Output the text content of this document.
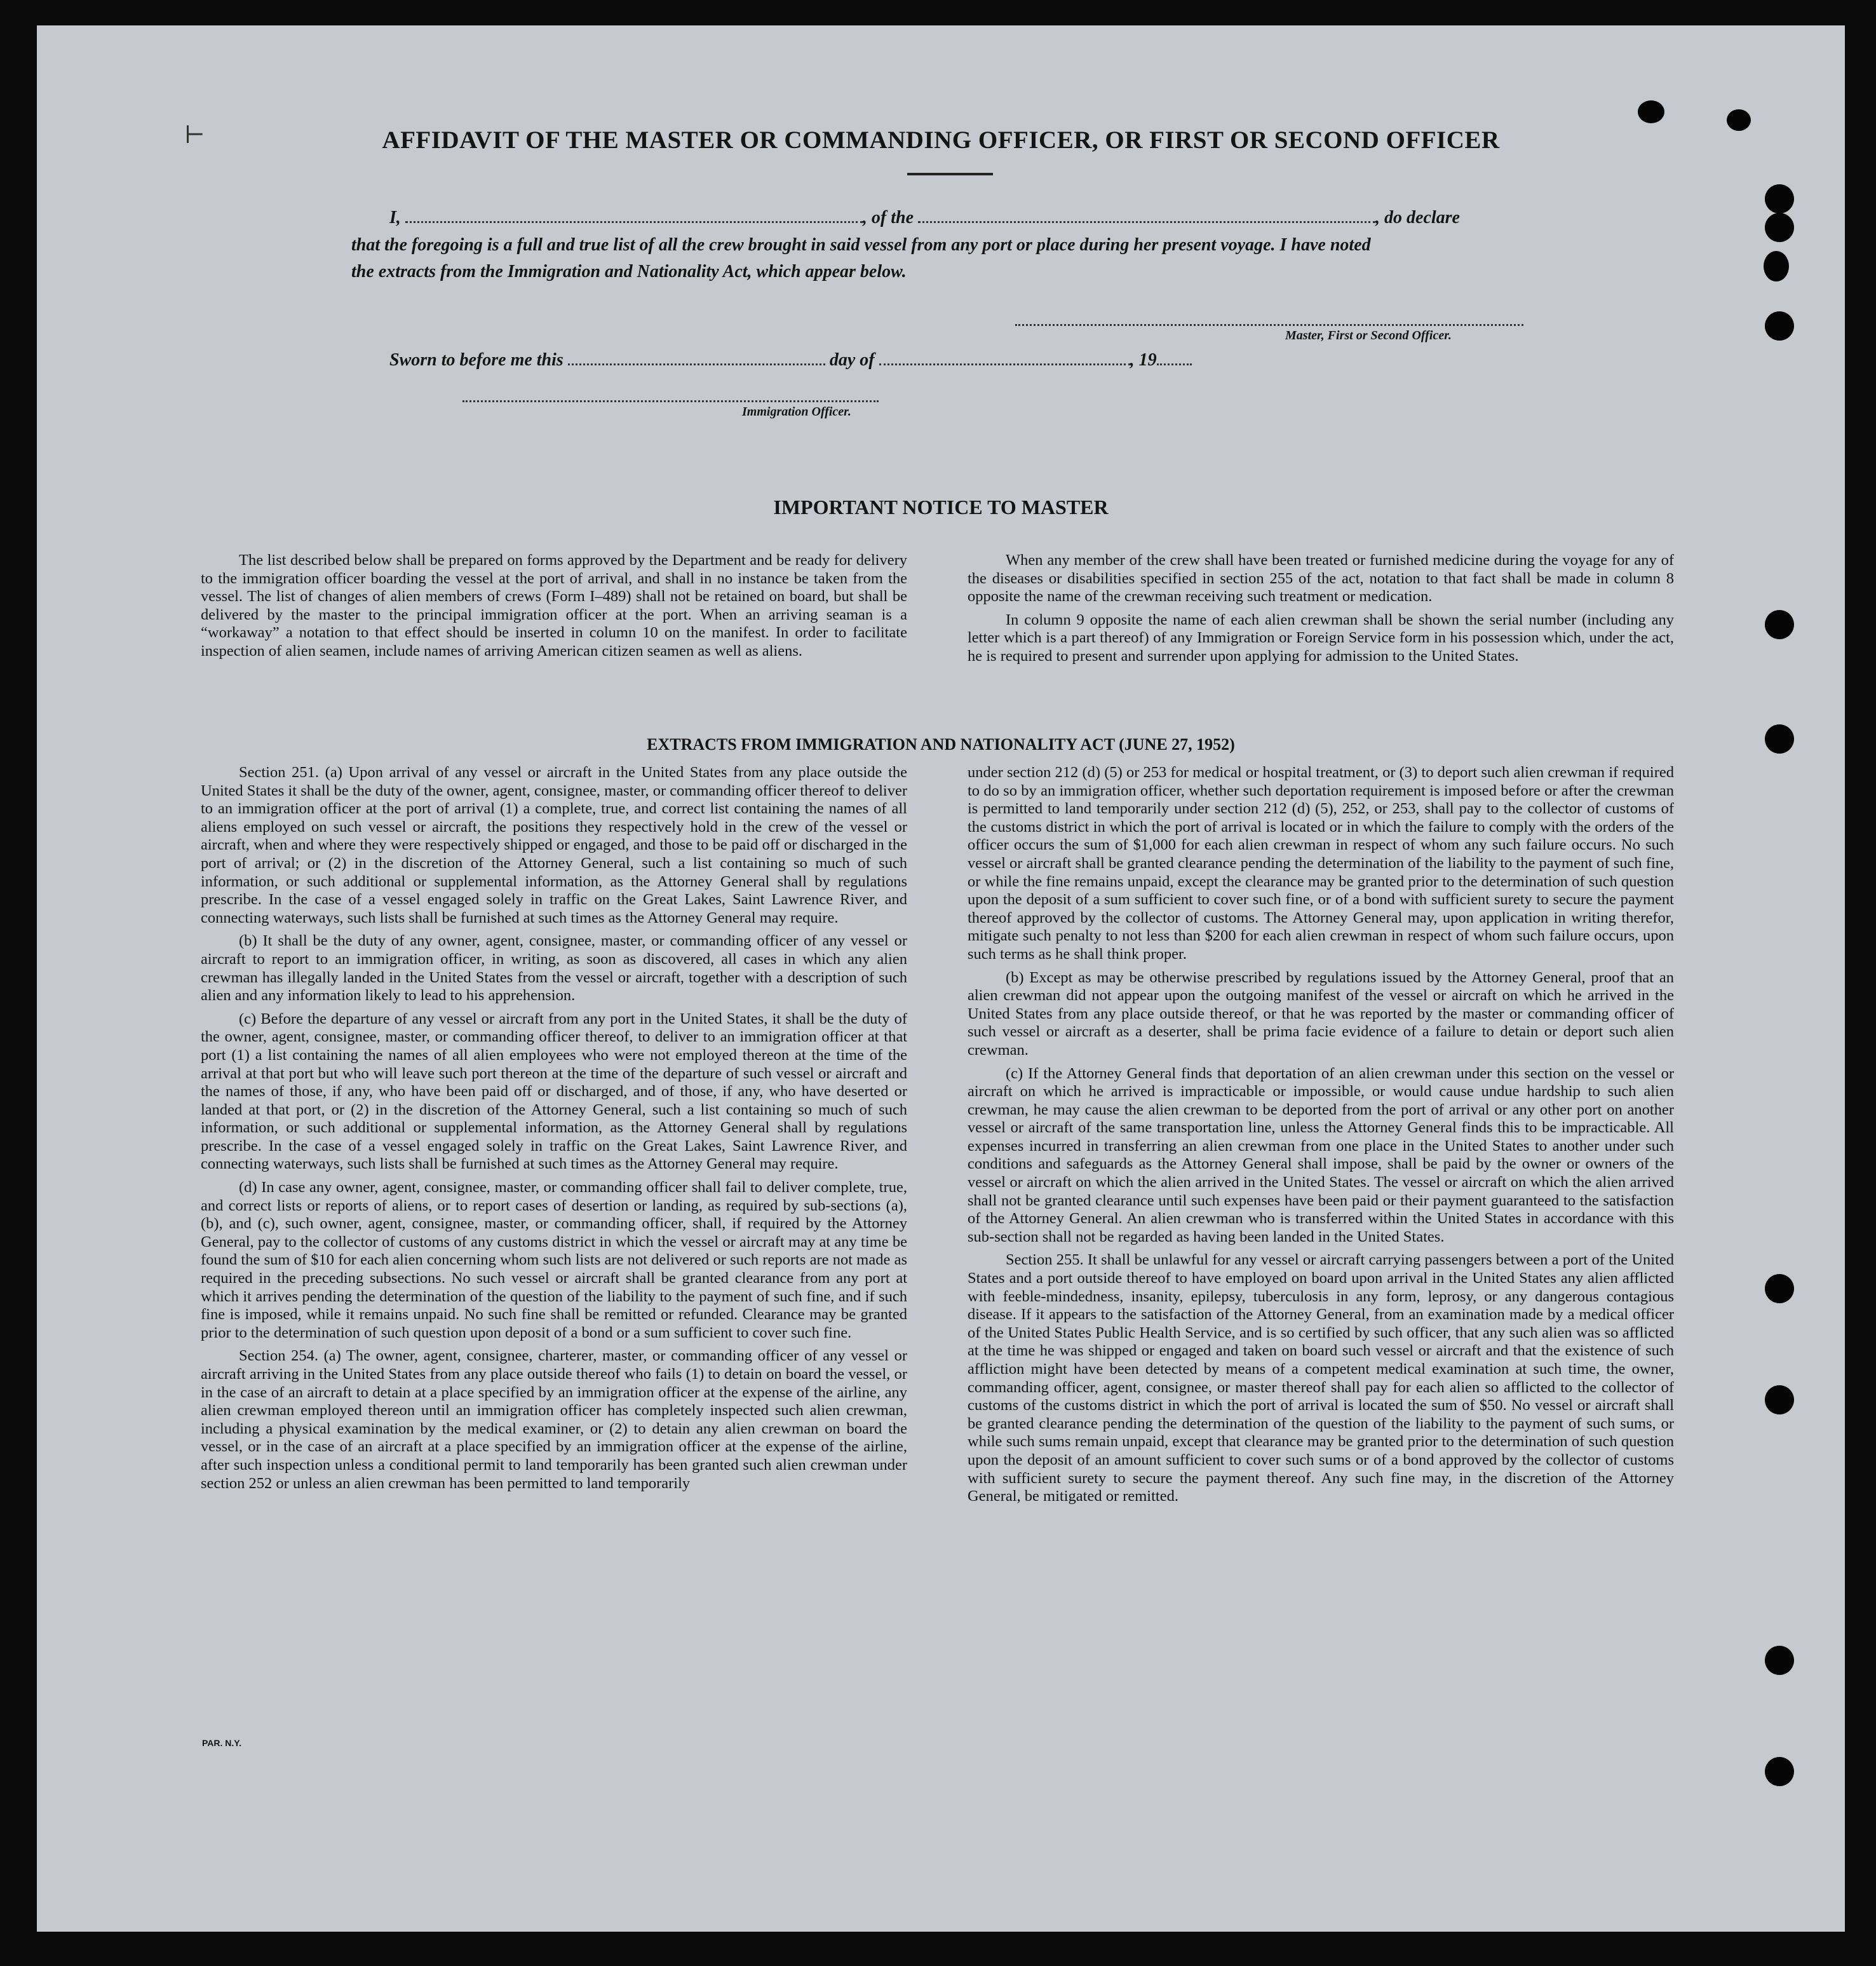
⊢	AFFIDAVIT OF THE MASTER OR COMMANDING OFFICER, OR FIRST OR SECOND OFFICER
I,	, of the	, do declare
that the foregoing is a full and true list of all the crew brought in said vessel from any port or place during her present voyage. I have noted
the extracts from the Immigration and Nationality Act, which appear below.
Master, First or Second Officer.
Sworn to before me this	day of	, 19
Immigration Officer.
IMPORTANT NOTICE TO MASTER

The list described below shall be prepared on forms approved by the Department and be ready for delivery to the immigration officer boarding the vessel at the port of arrival, and shall in no instance be taken from the vessel. The list of changes of alien members of crews (Form I–489) shall not be retained on board, but shall be delivered by the master to the principal immigration officer at the port. When an arriving seaman is a “workaway” a notation to that effect should be inserted in column 10 on the manifest. In order to facilitate inspection of alien seamen, include names of arriving American citizen seamen as well as aliens.

When any member of the crew shall have been treated or furnished medicine during the voyage for any of the diseases or disabilities specified in section 255 of the act, notation to that fact shall be made in column 8 opposite the name of the crewman receiving such treatment or medication.

In column 9 opposite the name of each alien crewman shall be shown the serial number (including any letter which is a part thereof) of any Immigration or Foreign Service form in his possession which, under the act, he is required to present and surrender upon applying for admission to the United States.

EXTRACTS FROM IMMIGRATION AND NATIONALITY ACT (JUNE 27, 1952)

Section 251. (a) Upon arrival of any vessel or aircraft in the United States from any place outside the United States it shall be the duty of the owner, agent, consignee, master, or commanding officer thereof to deliver to an immigration officer at the port of arrival (1) a complete, true, and correct list containing the names of all aliens employed on such vessel or aircraft, the positions they respectively hold in the crew of the vessel or aircraft, when and where they were respectively shipped or engaged, and those to be paid off or discharged in the port of arrival; or (2) in the discretion of the Attorney General, such a list containing so much of such information, or such additional or supplemental information, as the Attorney General shall by regulations prescribe. In the case of a vessel engaged solely in traffic on the Great Lakes, Saint Lawrence River, and connecting waterways, such lists shall be furnished at such times as the Attorney General may require.

(b) It shall be the duty of any owner, agent, consignee, master, or commanding officer of any vessel or aircraft to report to an immigration officer, in writing, as soon as discovered, all cases in which any alien crewman has illegally landed in the United States from the vessel or aircraft, together with a description of such alien and any information likely to lead to his apprehension.

(c) Before the departure of any vessel or aircraft from any port in the United States, it shall be the duty of the owner, agent, consignee, master, or commanding officer thereof, to deliver to an immigration officer at that port (1) a list containing the names of all alien employees who were not employed thereon at the time of the arrival at that port but who will leave such port thereon at the time of the departure of such vessel or aircraft and the names of those, if any, who have been paid off or discharged, and of those, if any, who have deserted or landed at that port, or (2) in the discretion of the Attorney General, such a list containing so much of such information, or such additional or supplemental information, as the Attorney General shall by regulations prescribe. In the case of a vessel engaged solely in traffic on the Great Lakes, Saint Lawrence River, and connecting waterways, such lists shall be furnished at such times as the Attorney General may require.

(d) In case any owner, agent, consignee, master, or commanding officer shall fail to deliver complete, true, and correct lists or reports of aliens, or to report cases of desertion or landing, as required by sub-sections (a), (b), and (c), such owner, agent, consignee, master, or commanding officer, shall, if required by the Attorney General, pay to the collector of customs of any customs district in which the vessel or aircraft may at any time be found the sum of $10 for each alien concerning whom such lists are not delivered or such reports are not made as required in the preceding subsections. No such vessel or aircraft shall be granted clearance from any port at which it arrives pending the determination of the question of the liability to the payment of such fine, and if such fine is imposed, while it remains unpaid. No such fine shall be remitted or refunded. Clearance may be granted prior to the determination of such question upon deposit of a bond or a sum sufficient to cover such fine.

Section 254. (a) The owner, agent, consignee, charterer, master, or commanding officer of any vessel or aircraft arriving in the United States from any place outside thereof who fails (1) to detain on board the vessel, or in the case of an aircraft to detain at a place specified by an immigration officer at the expense of the airline, any alien crewman employed thereon until an immigration officer has completely inspected such alien crewman, including a physical examination by the medical examiner, or (2) to detain any alien crewman on board the vessel, or in the case of an aircraft at a place specified by an immigration officer at the expense of the airline, after such inspection unless a conditional permit to land temporarily has been granted such alien crewman under section 252 or unless an alien crewman has been permitted to land temporarily

under section 212 (d) (5) or 253 for medical or hospital treatment, or (3) to deport such alien crewman if required to do so by an immigration officer, whether such deportation requirement is imposed before or after the crewman is permitted to land temporarily under section 212 (d) (5), 252, or 253, shall pay to the collector of customs of the customs district in which the port of arrival is located or in which the failure to comply with the orders of the officer occurs the sum of $1,000 for each alien crewman in respect of whom any such failure occurs. No such vessel or aircraft shall be granted clearance pending the determination of the liability to the payment of such fine, or while the fine remains unpaid, except the clearance may be granted prior to the determination of such question upon the deposit of a sum sufficient to cover such fine, or of a bond with sufficient surety to secure the payment thereof approved by the collector of customs. The Attorney General may, upon application in writing therefor, mitigate such penalty to not less than $200 for each alien crewman in respect of whom such failure occurs, upon such terms as he shall think proper.

(b) Except as may be otherwise prescribed by regulations issued by the Attorney General, proof that an alien crewman did not appear upon the outgoing manifest of the vessel or aircraft on which he arrived in the United States from any place outside thereof, or that he was reported by the master or commanding officer of such vessel or aircraft as a deserter, shall be prima facie evidence of a failure to detain or deport such alien crewman.

(c) If the Attorney General finds that deportation of an alien crewman under this section on the vessel or aircraft on which he arrived is impracticable or impossible, or would cause undue hardship to such alien crewman, he may cause the alien crewman to be deported from the port of arrival or any other port on another vessel or aircraft of the same transportation line, unless the Attorney General finds this to be impracticable. All expenses incurred in transferring an alien crewman from one place in the United States to another under such conditions and safeguards as the Attorney General shall impose, shall be paid by the owner or owners of the vessel or aircraft on which the alien arrived in the United States. The vessel or aircraft on which the alien arrived shall not be granted clearance until such expenses have been paid or their payment guaranteed to the satisfaction of the Attorney General. An alien crewman who is transferred within the United States in accordance with this sub-section shall not be regarded as having been landed in the United States.

Section 255. It shall be unlawful for any vessel or aircraft carrying passengers between a port of the United States and a port outside thereof to have employed on board upon arrival in the United States any alien afflicted with feeble-mindedness, insanity, epilepsy, tuberculosis in any form, leprosy, or any dangerous contagious disease. If it appears to the satisfaction of the Attorney General, from an examination made by a medical officer of the United States Public Health Service, and is so certified by such officer, that any such alien was so afflicted at the time he was shipped or engaged and taken on board such vessel or aircraft and that the existence of such affliction might have been detected by means of a competent medical examination at such time, the owner, commanding officer, agent, consignee, or master thereof shall pay for each alien so afflicted to the collector of customs of the customs district in which the port of arrival is located the sum of $50. No vessel or aircraft shall be granted clearance pending the determination of the question of the liability to the payment of such sums, or while such sums remain unpaid, except that clearance may be granted prior to the determination of such question upon the deposit of an amount sufficient to cover such sums or of a bond approved by the collector of customs with sufficient surety to secure the payment thereof. Any such fine may, in the discretion of the Attorney General, be mitigated or remitted.

PAR. N.Y.
